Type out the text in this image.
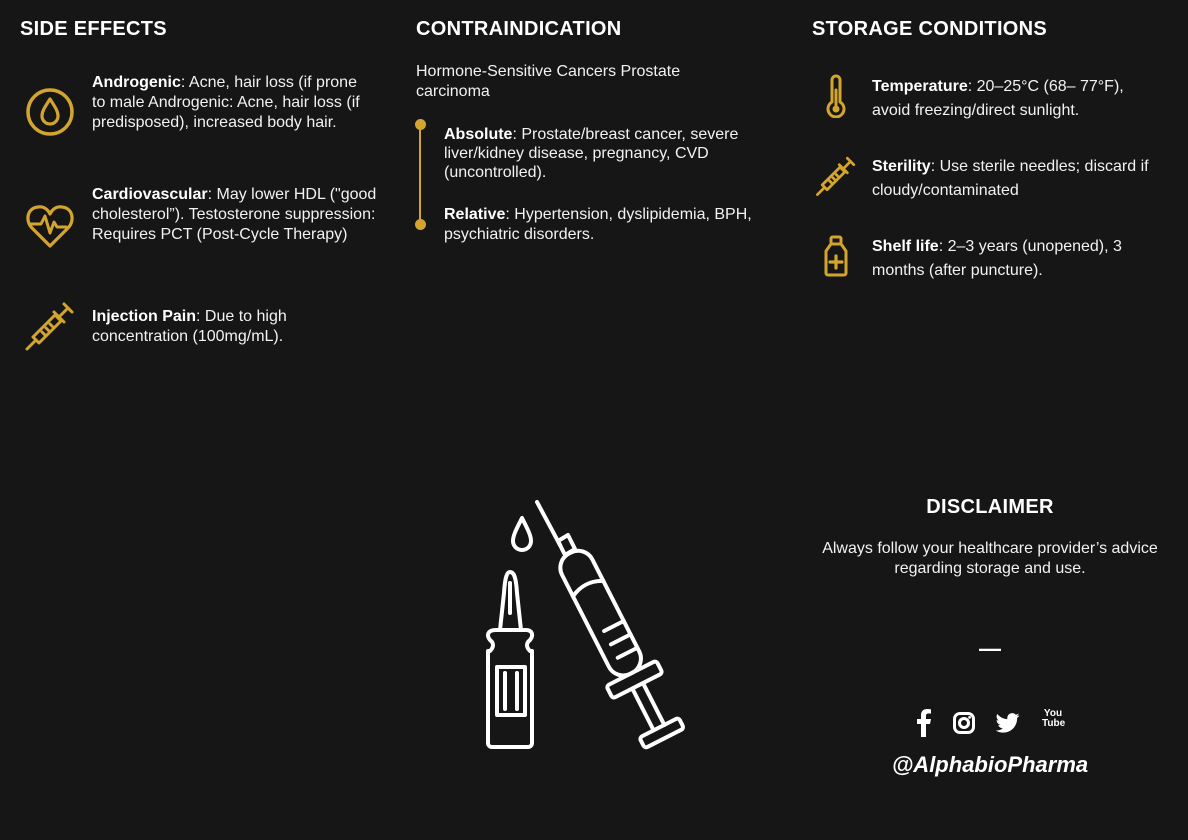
SIDE EFFECTS
Androgenic: Acne, hair loss (if prone to male Androgenic: Acne, hair loss (if predisposed), increased body hair.
Cardiovascular: May lower HDL ("good cholesterol”). Testosterone suppression: Requires PCT (Post-Cycle Therapy)
Injection Pain: Due to high concentration (100mg/mL).
CONTRAINDICATION
Hormone-Sensitive Cancers Prostate carcinoma
Absolute: Prostate/breast cancer, severe liver/kidney disease, pregnancy, CVD (uncontrolled).
Relative: Hypertension, dyslipidemia, BPH, psychiatric disorders.
STORAGE CONDITIONS
Temperature: 20–25°C (68– 77°F), avoid freezing/direct sunlight.
Sterility: Use sterile needles; discard if cloudy/contaminated
Shelf life: 2–3 years (unopened), 3 months (after puncture).
DISCLAIMER
Always follow your healthcare provider’s advice regarding storage and use.
—
You Tube
@AlphabioPharma
